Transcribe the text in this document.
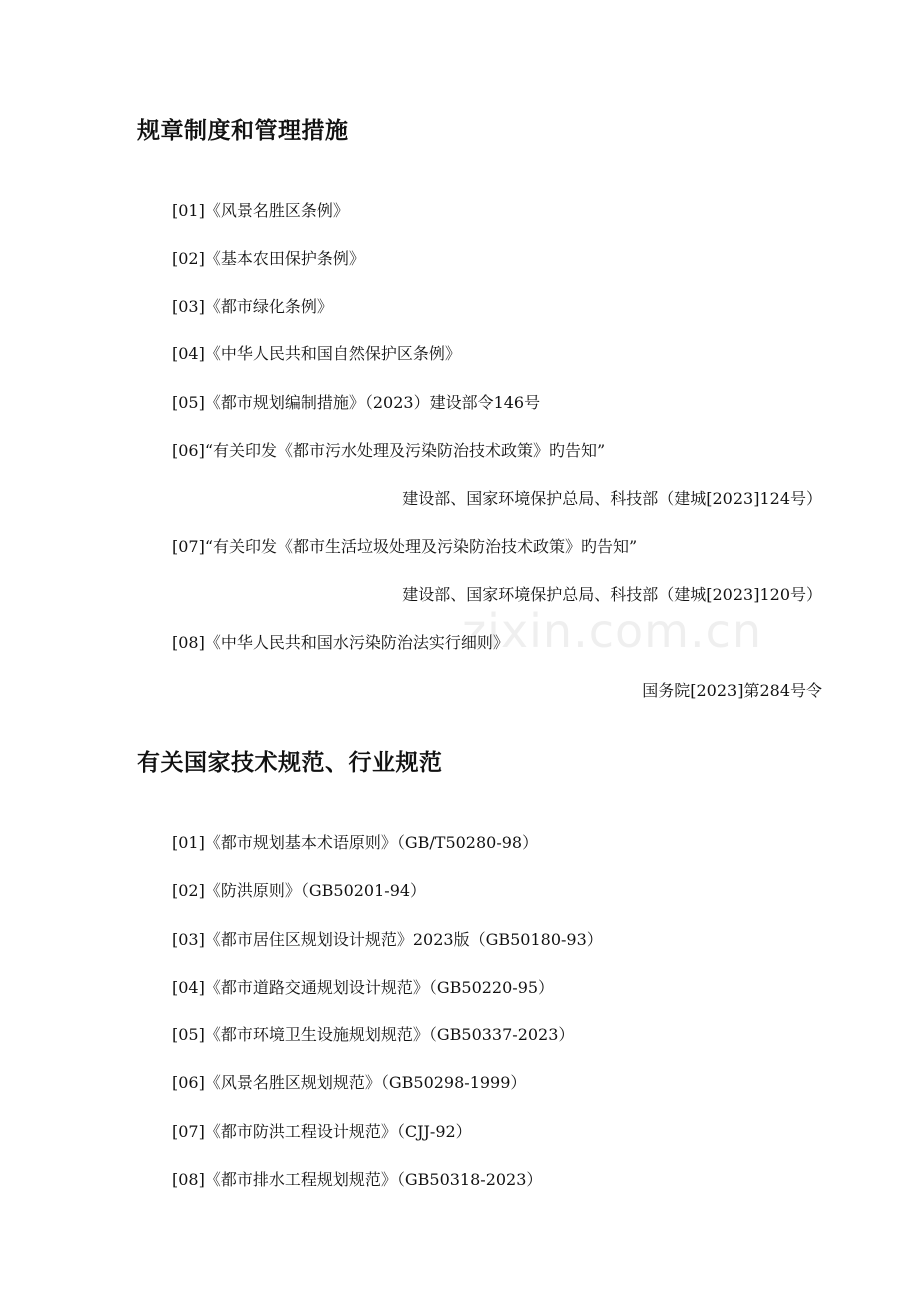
zixin.com.cn
规章制度和管理措施
[01]《风景名胜区条例》
[02]《基本农田保护条例》
[03]《都市绿化条例》
[04]《中华人民共和国自然保护区条例》
[05]《都市规划编制措施》（2023）建设部令146号
[06]“有关印发《都市污水处理及污染防治技术政策》旳告知”
建设部、国家环境保护总局、科技部（建城[2023]124号）
[07]“有关印发《都市生活垃圾处理及污染防治技术政策》旳告知”
建设部、国家环境保护总局、科技部（建城[2023]120号）
[08]《中华人民共和国水污染防治法实行细则》
国务院[2023]第284号令
有关国家技术规范、行业规范
[01]《都市规划基本术语原则》（GB/T50280-98）
[02]《防洪原则》（GB50201-94）
[03]《都市居住区规划设计规范》2023版（GB50180-93）
[04]《都市道路交通规划设计规范》（GB50220-95）
[05]《都市环境卫生设施规划规范》（GB50337-2023）
[06]《风景名胜区规划规范》（GB50298-1999）
[07]《都市防洪工程设计规范》（CJJ-92）
[08]《都市排水工程规划规范》（GB50318-2023）
